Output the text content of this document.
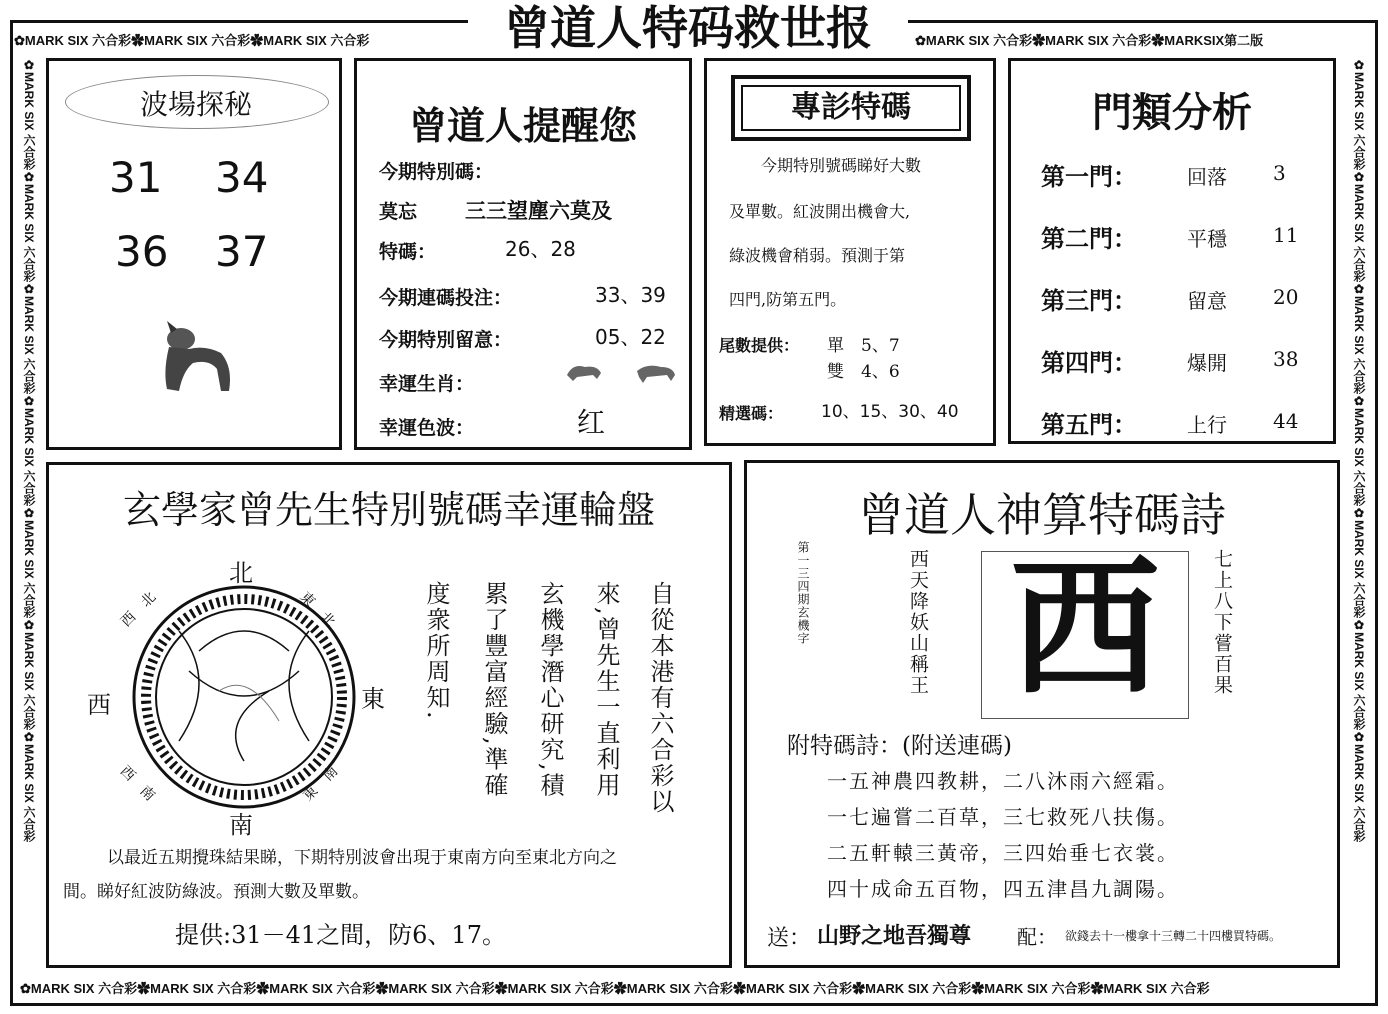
✿MARK SIX 六合彩✿MARK SIX 六合彩✿MARK SIX 六合彩	✿MARK SIX 六合彩✿MARK SIX 六合彩✿MARKSIX第二版
曾道人特码救世报
✿MARK SIX 六合彩✿MARK SIX 六合彩✿MARK SIX 六合彩✿MARK SIX 六合彩✿MARK SIX 六合彩✿MARK SIX 六合彩✿MARK SIX 六合彩✿MARK SIX 六合彩✿MARK SIX 六合彩✿MARK SIX 六合彩
✿MARK SIX 六合彩✿MARK SIX 六合彩✿MARK SIX 六合彩✿MARK SIX 六合彩✿MARK SIX 六合彩✿MARK SIX 六合彩✿MARK SIX 六合彩
✿MARK SIX 六合彩✿MARK SIX 六合彩✿MARK SIX 六合彩✿MARK SIX 六合彩✿MARK SIX 六合彩✿MARK SIX 六合彩✿MARK SIX 六合彩
波場探秘
31 34
36 37
曾道人提醒您
今期特別碼：
莫忘 三三望塵六莫及
特碼：	26、28
今期連碼投注：	33、39
今期特別留意：	05、22
幸運生肖：
幸運色波：	红
專䚲特碼
今期特別號碼睇好大數
及單數。紅波開出機會大,
綠波機會稍弱。預測于第
四門,防第五門。
尾數提供： 單　5、7
雙　4、6
精選碼： 10、15、30、40
門類分析
第一門：	回落 3
第二門：	平穩 11
第三門：	留意 20
第四門：	爆開 38
第五門：	上行 44
玄學家曾先生特別號碼幸運輪盤
北
南
東
西
西　北	東　北
西　南	東　南	自從本港有六合彩以
來,曾先生一直利用
玄機學潛心研究,積
累了豐富經驗,準確
度衆所周知.
以最近五期攪珠結果睇，下期特別波會出現于東南方向至東北方向之
間。睇好紅波防綠波。預測大數及單數。
提供:31－41之間，防6、17。
曾道人神算特碼詩
第一三四期玄機字	西天降妖山稱王 西	七上八下嘗百果
附特碼詩：(附送連碼)
一五神農四教耕，二八沐雨六經霜。
一七遍嘗二百草，三七救死八扶傷。
二五軒轅三黃帝，三四始垂七衣裳。
四十成命五百物，四五津昌九調陽。
送： 山野之地吾獨尊 配： 欲錢去十一樓拿十三轉二十四樓買特碼。
